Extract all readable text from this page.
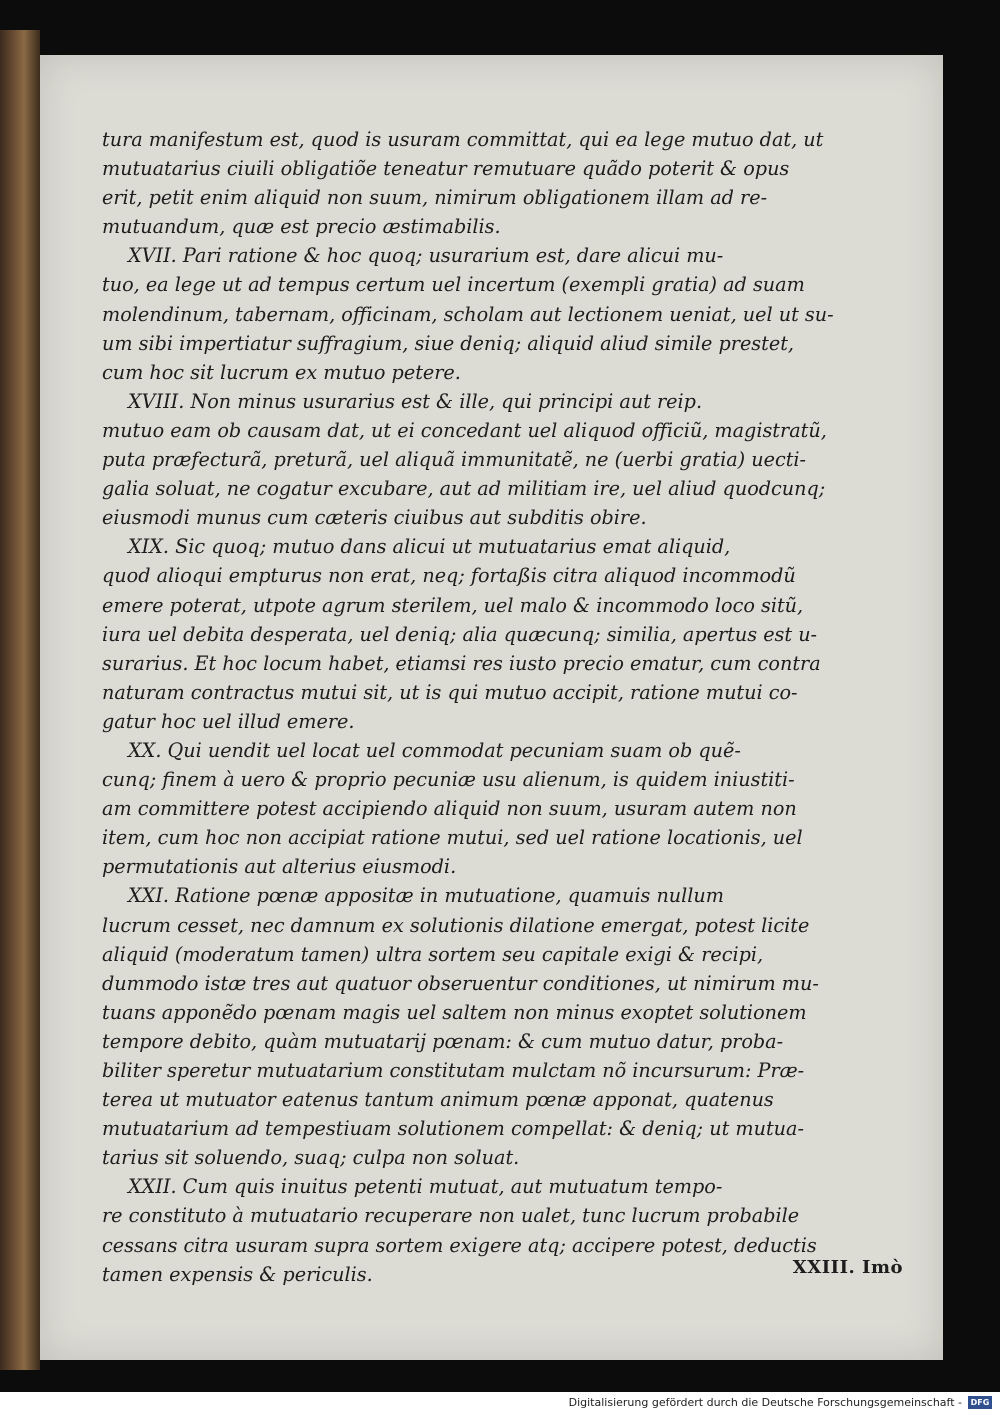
tura manifestum est, quod is usuram committat, qui ea lege mutuo dat, ut
mutuatarius ciuili obligatiõe teneatur remutuare quãdo poterit & opus
erit, petit enim aliquid non suum, nimirum obligationem illam ad re-
mutuandum, quæ est precio æstimabilis.
XVII. Pari ratione & hoc quoq; usurarium est, dare alicui mu-
tuo, ea lege ut ad tempus certum uel incertum (exempli gratia) ad suam
molendinum, tabernam, officinam, scholam aut lectionem ueniat, uel ut su-
um sibi impertiatur suffragium, siue deniq; aliquid aliud simile prestet,
cum hoc sit lucrum ex mutuo petere.
XVIII. Non minus usurarius est & ille, qui principi aut reip.
mutuo eam ob causam dat, ut ei concedant uel aliquod officiũ, magistratũ,
puta præfecturã, preturã, uel aliquã immunitatẽ, ne (uerbi gratia) uecti-
galia soluat, ne cogatur excubare, aut ad militiam ire, uel aliud quodcunq;
eiusmodi munus cum cæteris ciuibus aut subditis obire.
XIX. Sic quoq; mutuo dans alicui ut mutuatarius emat aliquid,
quod alioqui empturus non erat, neq; fortaßis citra aliquod incommodũ
emere poterat, utpote agrum sterilem, uel malo & incommodo loco sitũ,
iura uel debita desperata, uel deniq; alia quæcunq; similia, apertus est u-
surarius. Et hoc locum habet, etiamsi res iusto precio ematur, cum contra
naturam contractus mutui sit, ut is qui mutuo accipit, ratione mutui co-
gatur hoc uel illud emere.
XX. Qui uendit uel locat uel commodat pecuniam suam ob quẽ-
cunq; finem à uero & proprio pecuniæ usu alienum, is quidem iniustiti-
am committere potest accipiendo aliquid non suum, usuram autem non
item, cum hoc non accipiat ratione mutui, sed uel ratione locationis, uel
permutationis aut alterius eiusmodi.
XXI. Ratione pœnæ appositæ in mutuatione, quamuis nullum
lucrum cesset, nec damnum ex solutionis dilatione emergat, potest licite
aliquid (moderatum tamen) ultra sortem seu capitale exigi & recipi,
dummodo istæ tres aut quatuor obseruentur conditiones, ut nimirum mu-
tuans apponẽdo pœnam magis uel saltem non minus exoptet solutionem
tempore debito, quàm mutuatarij pœnam: & cum mutuo datur, proba-
biliter speretur mutuatarium constitutam mulctam nõ incursurum: Præ-
terea ut mutuator eatenus tantum animum pœnæ apponat, quatenus
mutuatarium ad tempestiuam solutionem compellat: & deniq; ut mutua-
tarius sit soluendo, suaq; culpa non soluat.
XXII. Cum quis inuitus petenti mutuat, aut mutuatum tempo-
re constituto à mutuatario recuperare non ualet, tunc lucrum probabile
cessans citra usuram supra sortem exigere atq; accipere potest, deductis
tamen expensis & periculis.	XXIII. Imò
Digitalisierung gefördert durch die Deutsche Forschungsgemeinschaft -	DFG
